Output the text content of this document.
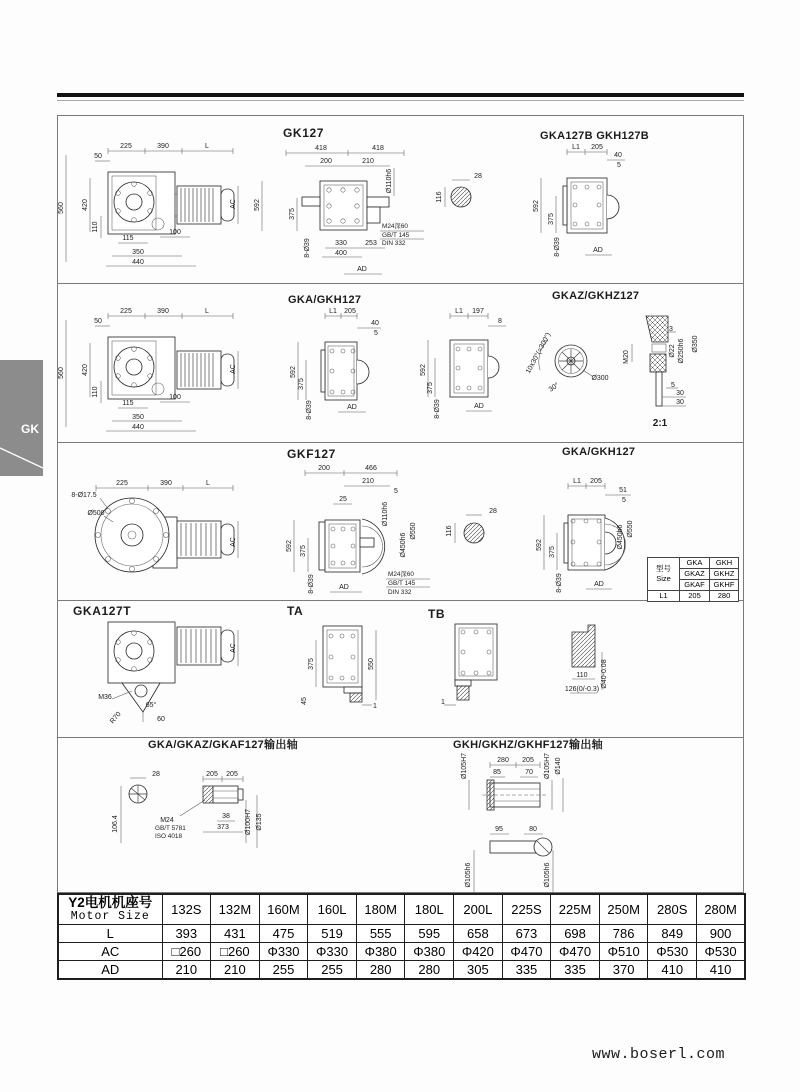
GK
GK127	GKA127B GKH127B
225	390	L
50
560 420
110
115
100
350
440
AC
418	418
200	210
Ø110h6
592
375
8-Ø39	330	253
400
AD
M24深60
GB/T 145
DIN 332
28
116
L1 205
40
5
592
375
8-Ø39	AD
GKA/GKH127	GKAZ/GKHZ127
225	390	L
50
560 420
110
115
100
350
440
AC
L1 205
40
5
592
375
8-Ø39	AD
L1 197
8
592
375
8-Ø39	AD
10x30°(=300°)
30°
Ø300
M20
3
Ø22 Ø250h6 Ø350
5
30
30
2:1
GKF127	GKA/GKH127
225	390	L
8-Ø17.5
Ø500
AC
200	466
210
5
25
Ø110h6
Ø450h6
Ø550
592 375
8-Ø39	AD
M24深60
GB/T 145
DIN 332
28
116
L1 205
51
5
Ø450h6 Ø550
592
375
8-Ø39	AD
型号
Size	GKA	GKH
	GKAZ	GKHZ
	GKAF	GKHF
L1	205	280
GKA127T	TA	TB
M36
R70
65°
60
AC
375	550
45
1
1
110
126(0/-0.3)
Ø40-0.08
GKA/GKAZ/GKAF127输出轴	GKH/GKHZ/GKHF127输出轴
28
106.4
205 205
38
373 Ø100H7 Ø135
M24
GB/T 5781
ISO 4018
Ø105H7	280 205 Ø105H7 Ø140
85	70
95	80
Ø105h6	Ø105h6
Y2电机机座号
Motor Size	132S	132M	160M	160L	180M	180L	200L	225S	225M	250M	280S	280M
L	393	431	475	519	555	595	658	673	698	786	849	900
AC	□260	□260	Φ330	Φ330	Φ380	Φ380	Φ420	Φ470	Φ470	Φ510	Φ530	Φ530
AD	210	210	255	255	280	280	305	335	335	370	410	410
www.boserl.com
